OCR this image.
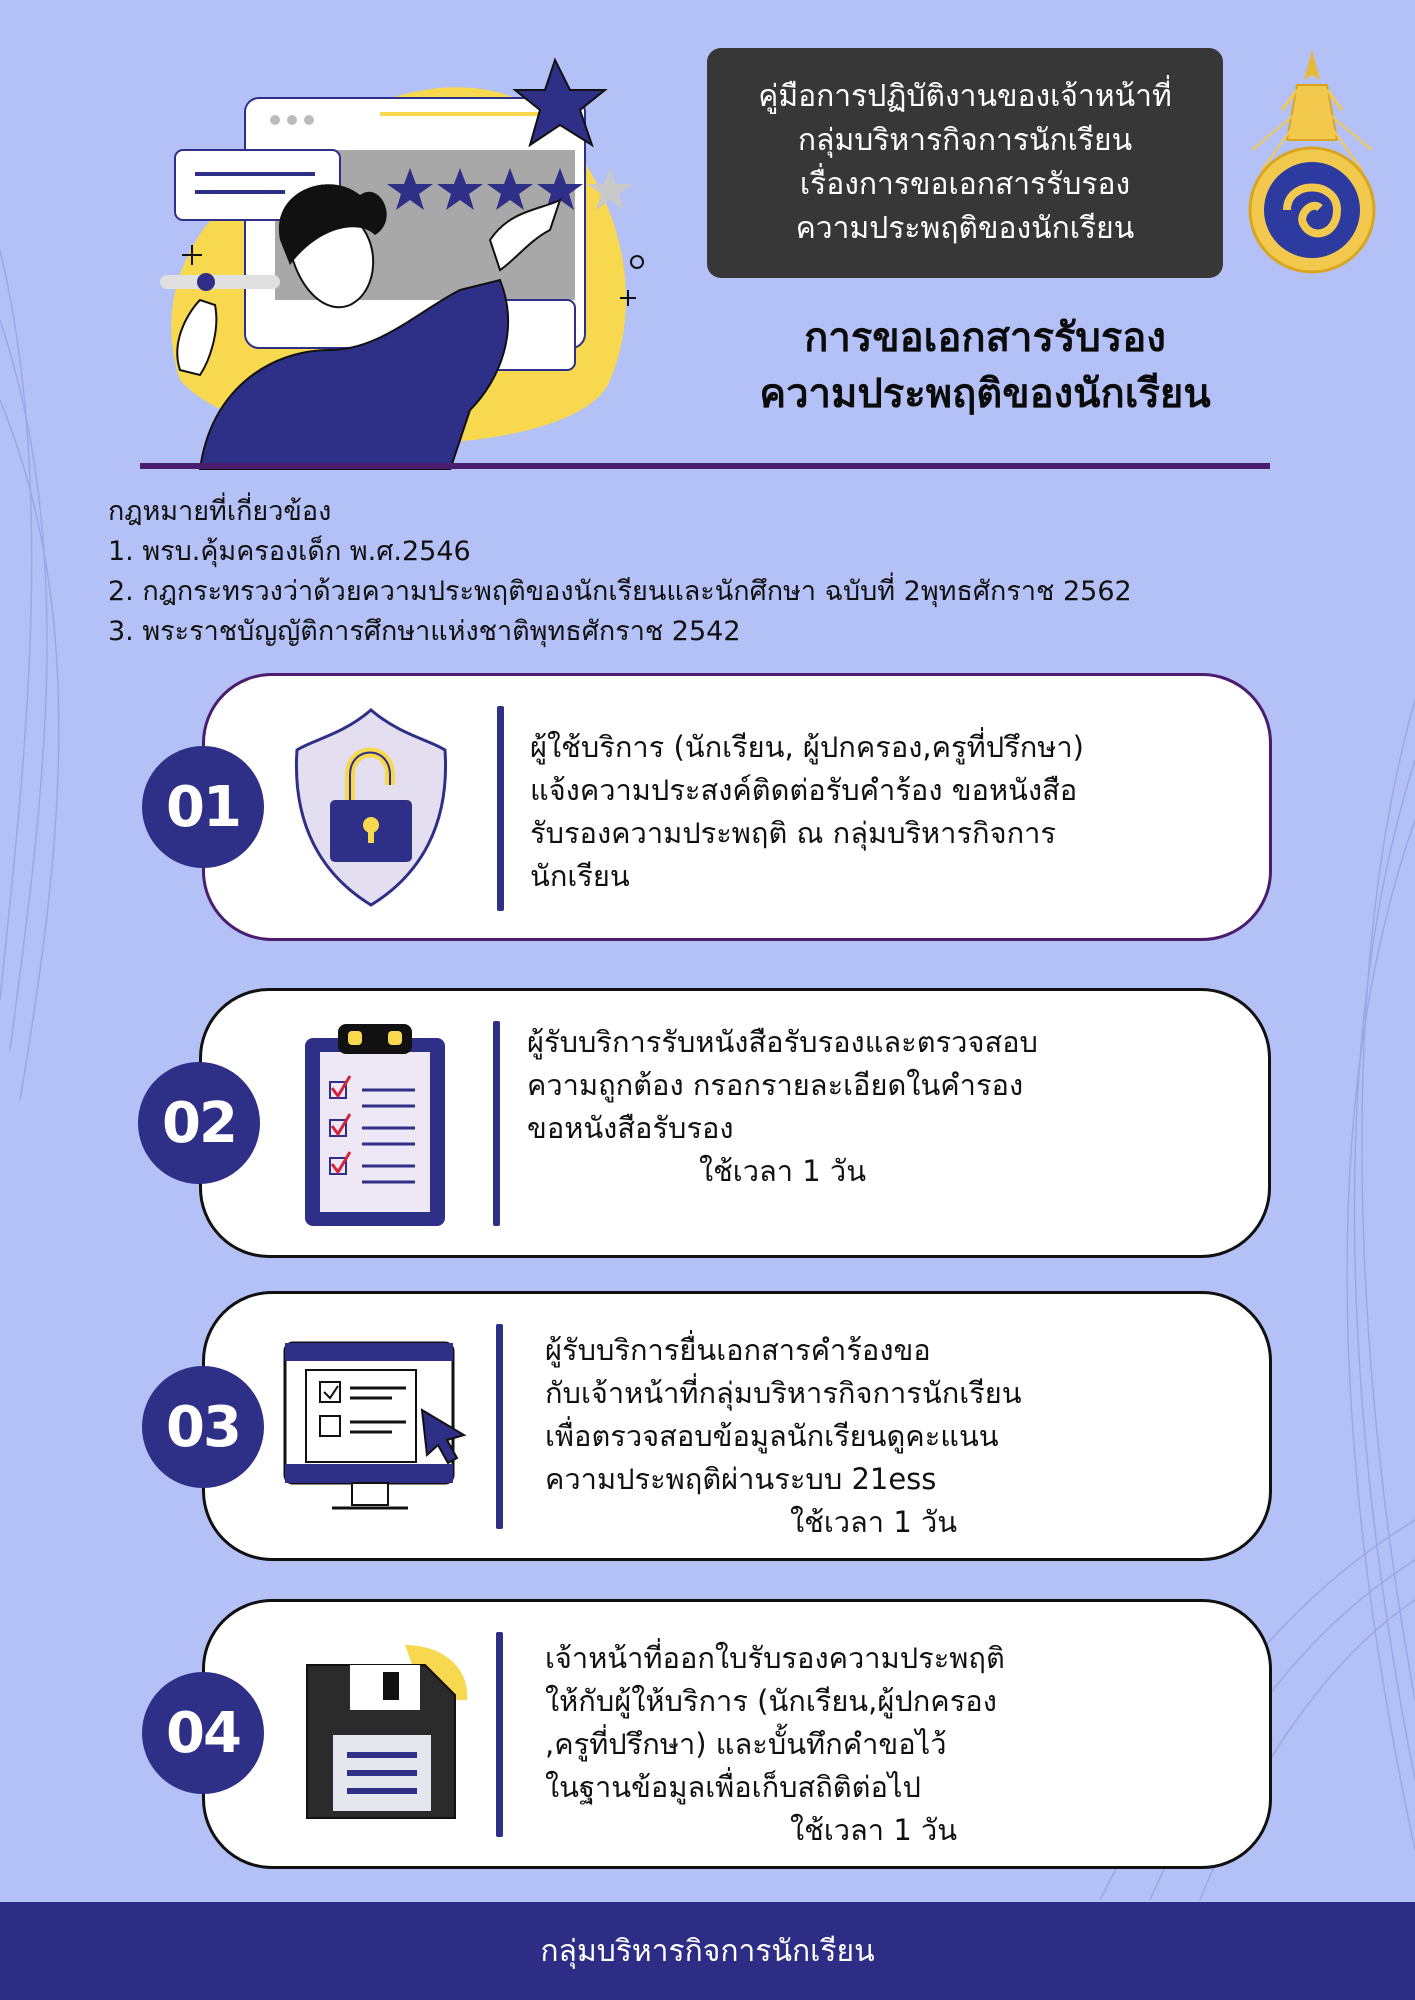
คู่มือการปฏิบัติงานของเจ้าหน้าที่
กลุ่มบริหารกิจการนักเรียน
เรื่องการขอเอกสารรับรอง
ความประพฤติของนักเรียน
การขอเอกสารรับรอง
ความประพฤติของนักเรียน
กฎหมายที่เกี่ยวข้อง
1. พรบ.คุ้มครองเด็ก พ.ศ.2546
2. กฎกระทรวงว่าด้วยความประพฤติของนักเรียนและนักศึกษา ฉบับที่ 2พุทธศักราช 2562
3. พระราชบัญญัติการศึกษาแห่งชาติพุทธศักราช 2542
ผู้ใช้บริการ (นักเรียน, ผู้ปกครอง,ครูที่ปรึกษา)
แจ้งความประสงค์ติดต่อรับคำร้อง ขอหนังสือ
รับรองความประพฤติ ณ กลุ่มบริหารกิจการ
นักเรียน
01
ผู้รับบริการรับหนังสือรับรองและตรวจสอบ
ความถูกต้อง กรอกรายละเอียดในคำรอง
ขอหนังสือรับรอง
ใช้เวลา 1 วัน
02
ผู้รับบริการยื่นเอกสารคำร้องขอ
กับเจ้าหน้าที่กลุ่มบริหารกิจการนักเรียน
เพื่อตรวจสอบข้อมูลนักเรียนดูคะแนน
ความประพฤติผ่านระบบ 21ess
ใช้เวลา 1 วัน
03
เจ้าหน้าที่ออกใบรับรองความประพฤติ
ให้กับผู้ให้บริการ (นักเรียน,ผู้ปกครอง
,ครูที่ปรึกษา) และบั้นทึกคำขอไว้
ในฐานข้อมูลเพื่อเก็บสถิติต่อไป
ใช้เวลา 1 วัน
04
กลุ่มบริหารกิจการนักเรียน
